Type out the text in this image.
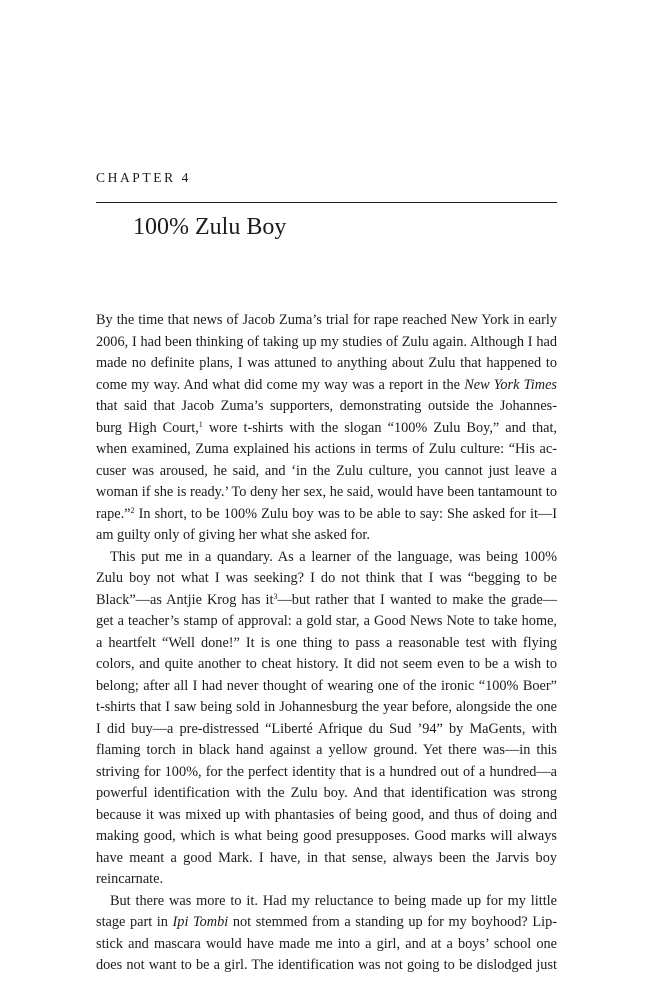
CHAPTER 4
100% Zulu Boy
By the time that news of Jacob Zuma’s trial for rape reached New York in early
2006, I had been thinking of taking up my studies of Zulu again. Although I had
made no definite plans, I was attuned to anything about Zulu that happened to
come my way. And what did come my way was a report in the New York Times
that said that Jacob Zuma’s supporters, demonstrating outside the Johannes-
burg High Court,$^1$ wore t-shirts with the slogan “100% Zulu Boy,” and that,
when examined, Zuma explained his actions in terms of Zulu culture: “His ac-
cuser was aroused, he said, and ‘in the Zulu culture, you cannot just leave a
woman if she is ready.’ To deny her sex, he said, would have been tantamount to
rape.”$^2$ In short, to be 100% Zulu boy was to be able to say: She asked for it—I
am guilty only of giving her what she asked for.
This put me in a quandary. As a learner of the language, was being 100%
Zulu boy not what I was seeking? I do not think that I was “begging to be
Black”—as Antjie Krog has $it^3—but$ rather that I wanted to make the grade—
get a teacher’s stamp of approval: a gold star, a Good News Note to take home,
a heartfelt “Well done!” It is one thing to pass a reasonable test with flying
colors, and quite another to cheat history. It did not seem even to be a wish to
belong; after all I had never thought of wearing one of the ironic “100% Boer”
t-shirts that I saw being sold in Johannesburg the year before, alongside the one
I did buy—a pre-distressed “Liberté Afrique du Sud ’94” by MaGents, with
flaming torch in black hand against a yellow ground. Yet there was—in this
striving for 100%, for the perfect identity that is a hundred out of a hundred—a
powerful identification with the Zulu boy. And that identification was strong
because it was mixed up with phantasies of being good, and thus of doing and
making good, which is what being good presupposes. Good marks will always
have meant a good Mark. I have, in that sense, always been the Jarvis boy
reincarnate.
But there was more to it. Had my reluctance to being made up for my little
stage part in Ipi Tombi not stemmed from a standing up for my boyhood? Lip-
stick and mascara would have made me into a girl, and at a boys’ school one
does not want to be a girl. The identification was not going to be dislodged just
